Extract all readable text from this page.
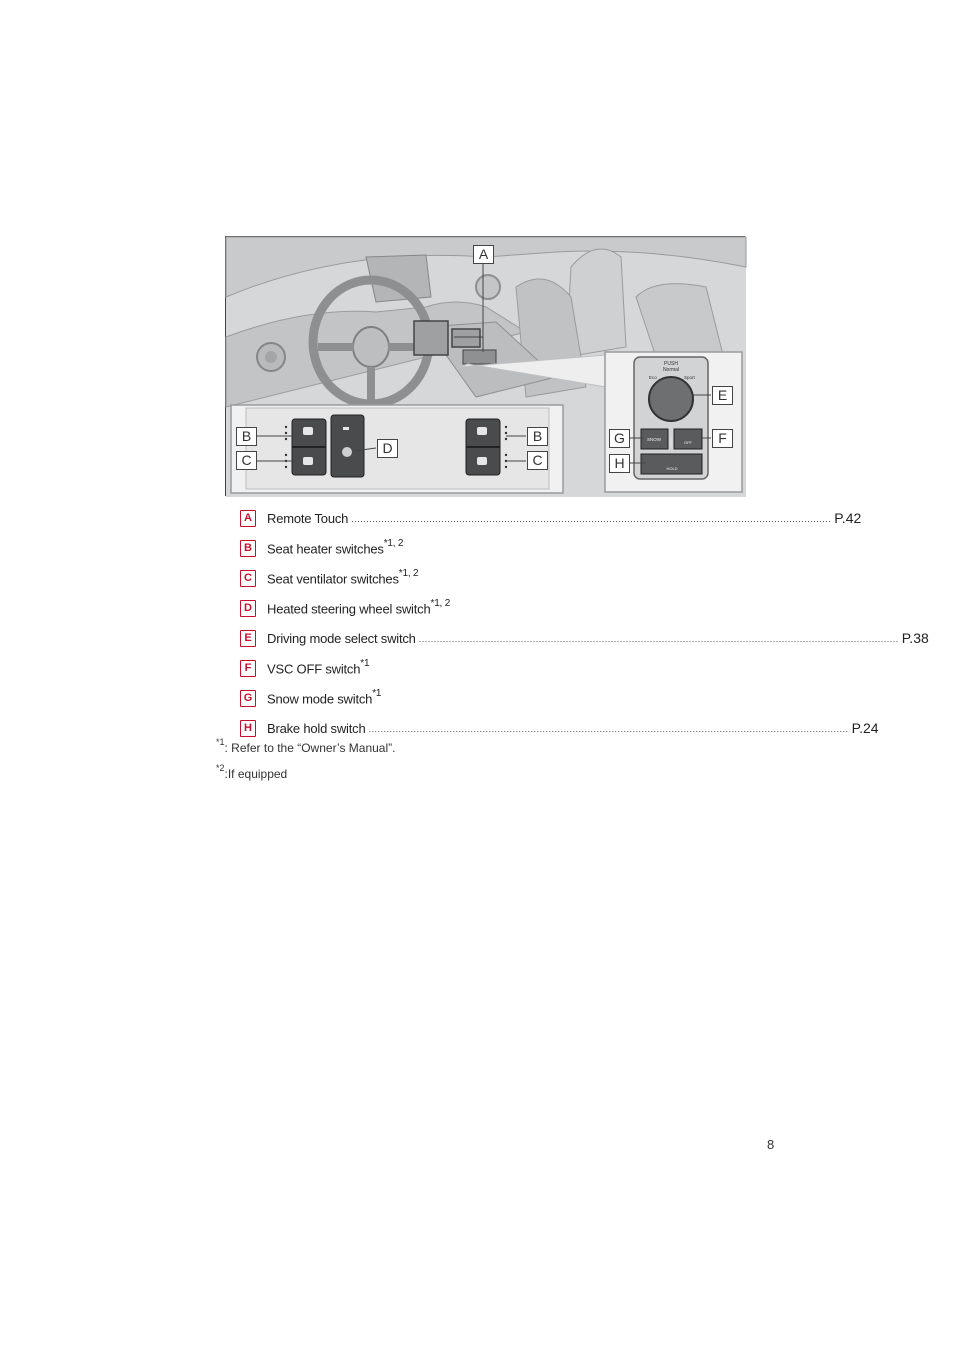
PUSH
Normal
Eco	Sport
SNOW
OFF
HOLD
A
B
C
D
B
C
E
F
G
H
A	Remote Touch ................................................................................................................................................................ P.42
B	Seat heater switches$^{*1, 2}$
C	Seat ventilator switches$^{*1, 2}$
D	Heated steering wheel switch$^{*1, 2}$
E	Driving mode select switch ................................................................................................................................................................ P.38
F	VSC OFF switch$^{*1}$
G Snow mode switch$^{*1}$
H	Brake hold switch ................................................................................................................................................................ P.24
$^{*1}$: Refer to the “Owner’s Manual”.
$^{*2}$:If equipped
8
